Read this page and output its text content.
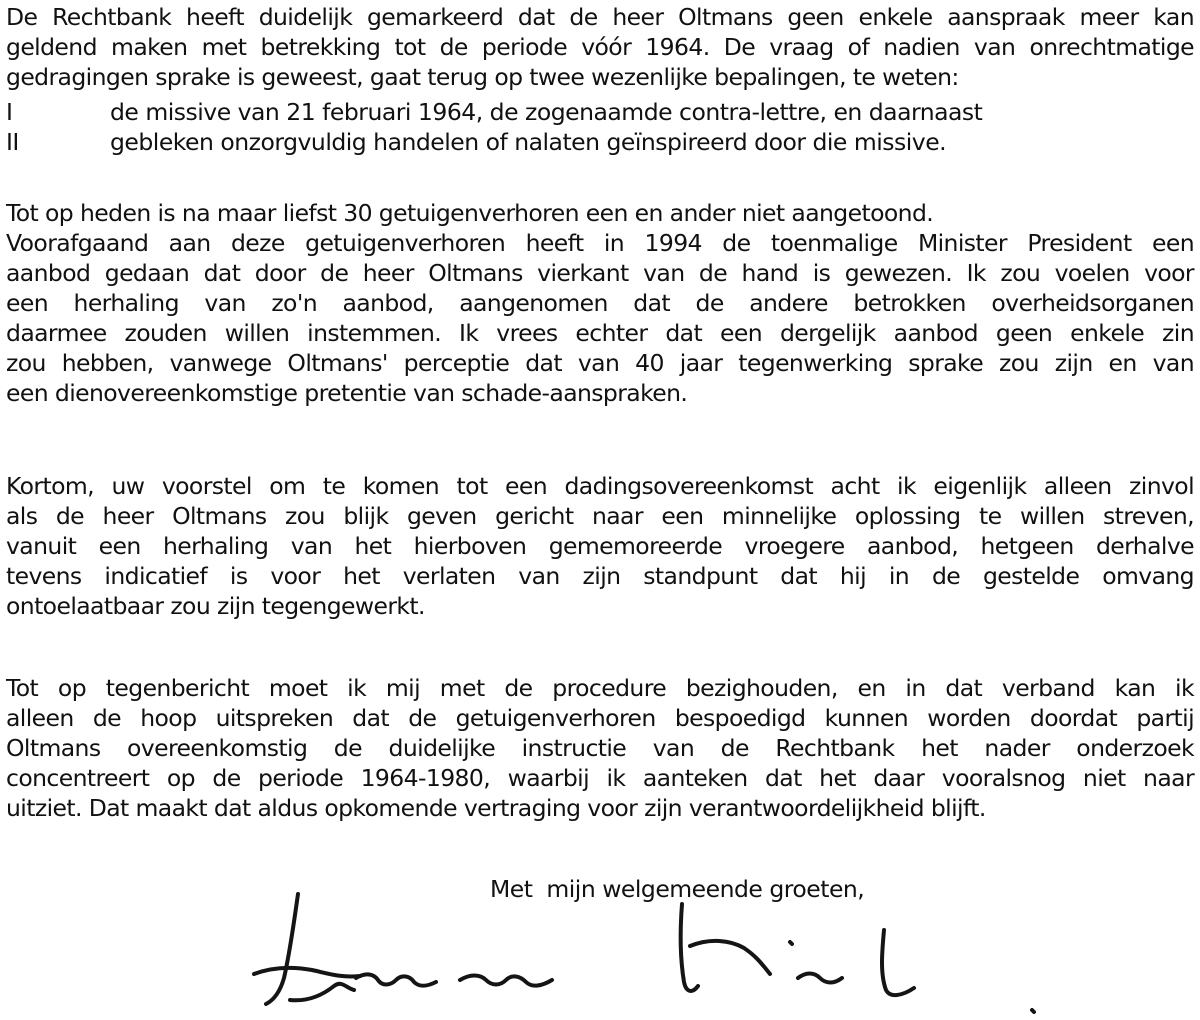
De Rechtbank heeft duidelijk gemarkeerd dat de heer Oltmans geen enkele aanspraak meer kan
geldend maken met betrekking tot de periode vóór 1964. De vraag of nadien van onrechtmatige
gedragingen sprake is geweest, gaat terug op twee wezenlijke bepalingen, te weten:
I	de missive van 21 februari 1964, de zogenaamde contra-lettre, en daarnaast
II	gebleken onzorgvuldig handelen of nalaten geïnspireerd door die missive.
Tot op heden is na maar liefst 30 getuigenverhoren een en ander niet aangetoond.
Voorafgaand aan deze getuigenverhoren heeft in 1994 de toenmalige Minister President een
aanbod gedaan dat door de heer Oltmans vierkant van de hand is gewezen. Ik zou voelen voor
een herhaling van zo'n aanbod, aangenomen dat de andere betrokken overheidsorganen
daarmee zouden willen instemmen. Ik vrees echter dat een dergelijk aanbod geen enkele zin
zou hebben, vanwege Oltmans' perceptie dat van 40 jaar tegenwerking sprake zou zijn en van
een dienovereenkomstige pretentie van schade-aanspraken.
Kortom, uw voorstel om te komen tot een dadingsovereenkomst acht ik eigenlijk alleen zinvol
als de heer Oltmans zou blijk geven gericht naar een minnelijke oplossing te willen streven,
vanuit een herhaling van het hierboven gememoreerde vroegere aanbod, hetgeen derhalve
tevens indicatief is voor het verlaten van zijn standpunt dat hij in de gestelde omvang
ontoelaatbaar zou zijn tegengewerkt.
Tot op tegenbericht moet ik mij met de procedure bezighouden, en in dat verband kan ik
alleen de hoop uitspreken dat de getuigenverhoren bespoedigd kunnen worden doordat partij
Oltmans overeenkomstig de duidelijke instructie van de Rechtbank het nader onderzoek
concentreert op de periode 1964-1980, waarbij ik aanteken dat het daar vooralsnog niet naar
uitziet. Dat maakt dat aldus opkomende vertraging voor zijn verantwoordelijkheid blijft.
Met  mijn welgemeende groeten,
